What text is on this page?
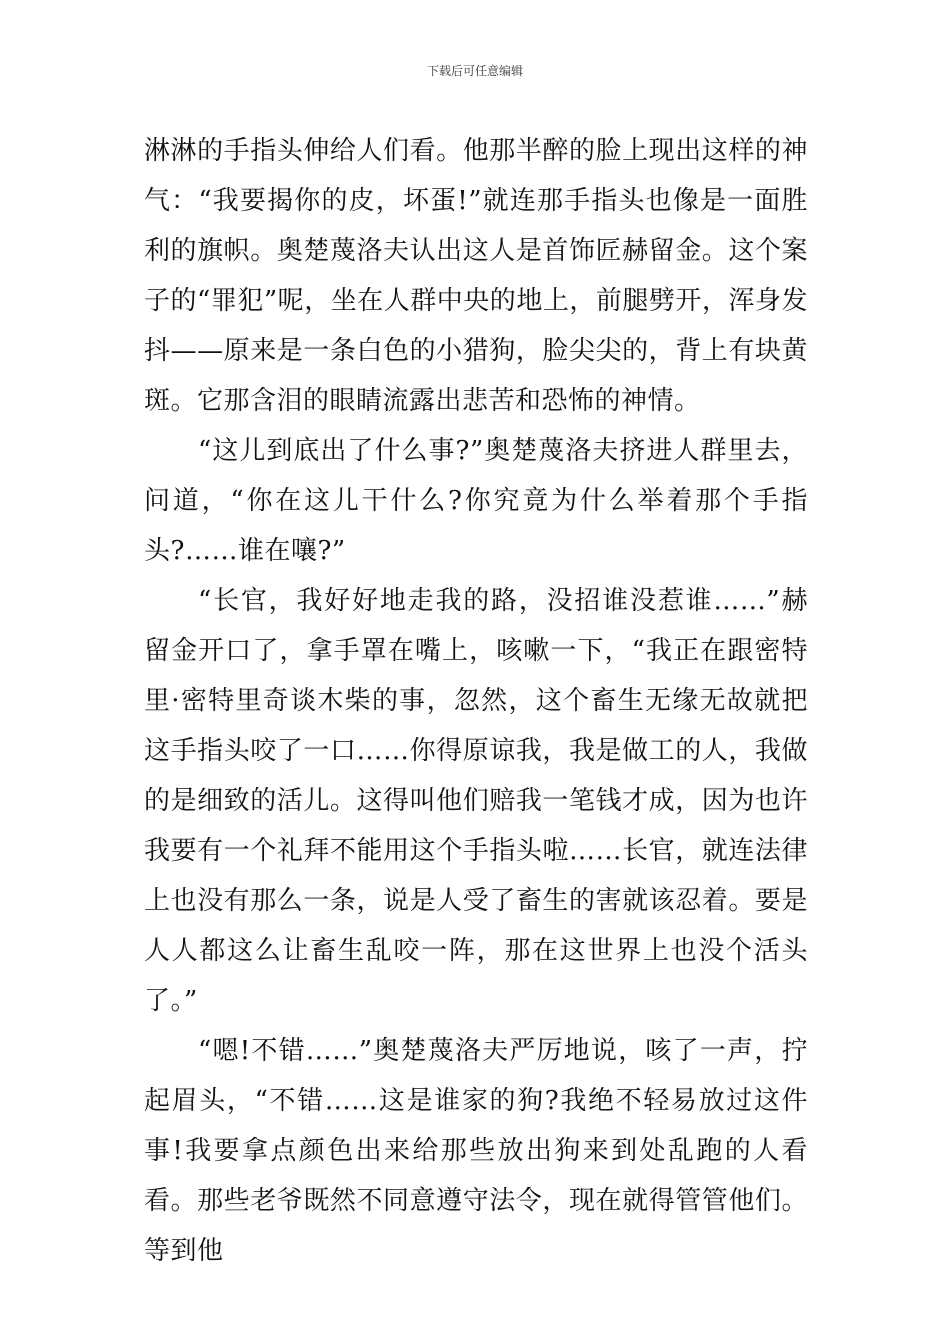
下载后可任意编辑

淋淋的手指头伸给人们看。他那半醉的脸上现出这样的神气：“我要揭你的皮，坏蛋!”就连那手指头也像是一面胜利的旗帜。奥楚蔑洛夫认出这人是首饰匠赫留金。这个案子的“罪犯”呢，坐在人群中央的地上，前腿劈开，浑身发抖——原来是一条白色的小猎狗，脸尖尖的，背上有块黄斑。它那含泪的眼睛流露出悲苦和恐怖的神情。

“这儿到底出了什么事?”奥楚蔑洛夫挤进人群里去，问道，“你在这儿干什么?你究竟为什么举着那个手指头?……谁在嚷?”

“长官，我好好地走我的路，没招谁没惹谁……”赫留金开口了，拿手罩在嘴上，咳嗽一下，“我正在跟密特里·密特里奇谈木柴的事，忽然，这个畜生无缘无故就把这手指头咬了一口……你得原谅我，我是做工的人，我做的是细致的活儿。这得叫他们赔我一笔钱才成，因为也许我要有一个礼拜不能用这个手指头啦……长官，就连法律上也没有那么一条，说是人受了畜生的害就该忍着。要是人人都这么让畜生乱咬一阵，那在这世界上也没个活头了。”

“嗯!不错……”奥楚蔑洛夫严厉地说，咳了一声，拧起眉头，“不错……这是谁家的狗?我绝不轻易放过这件事!我要拿点颜色出来给那些放出狗来到处乱跑的人看看。那些老爷既然不同意遵守法令，现在就得管管他们。等到他
